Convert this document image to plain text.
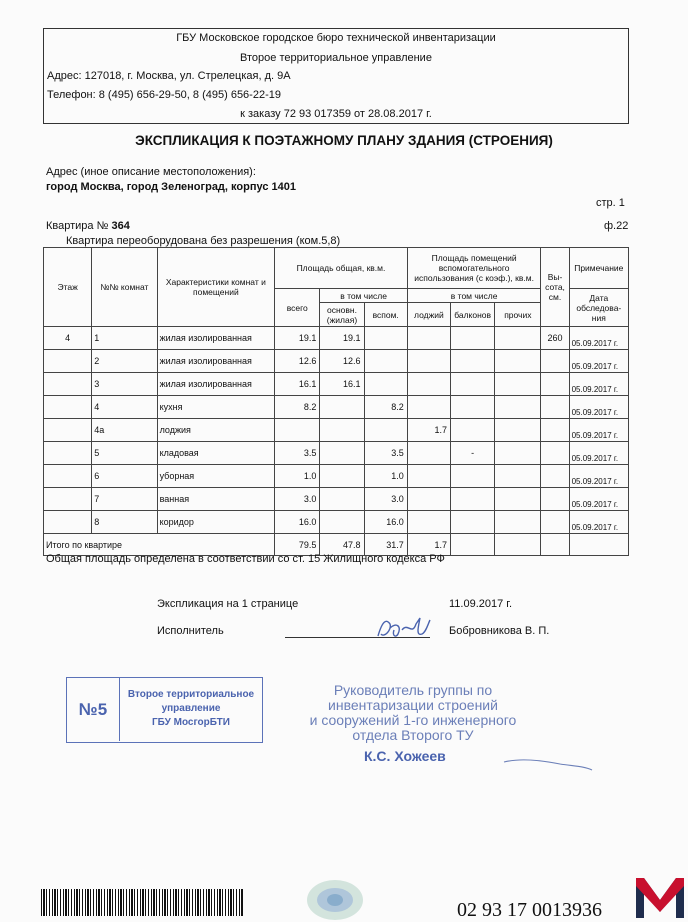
ГБУ Московское городское бюро технической инвентаризации
Второе территориальное управление
Адрес: 127018, г. Москва, ул. Стрелецкая, д. 9А
Телефон: 8 (495) 656-29-50, 8 (495) 656-22-19
к заказу 72 93 017359 от 28.08.2017 г.
ЭКСПЛИКАЦИЯ К ПОЭТАЖНОМУ ПЛАНУ ЗДАНИЯ (СТРОЕНИЯ)
Адрес (иное описание местоположения):
город Москва, город Зеленоград, корпус 1401
стр. 1
Квартира № 364	ф.22
Квартира переоборудована без разрешения (ком.5,8)
Этаж	№№ комнат	Характеристики комнат и помещений	Площадь общая, кв.м.			Площадь помещений вспомогательного использования (с коэф.), кв.м.			Вы-сота, см.	Примечание
			всего	в том числе		в том числе				Дата обследова-ния
				основн. (жилая)	вспом.	лоджий	балконов	прочих		
4	1	жилая изолированная	19.1	19.1					260	05.09.2017 г.
	2	жилая изолированная	12.6	12.6						05.09.2017 г.
	3	жилая изолированная	16.1	16.1						05.09.2017 г.
	4	кухня	8.2		8.2					05.09.2017 г.
	4а	лоджия				1.7				05.09.2017 г.
	5	кладовая	3.5		3.5		-			05.09.2017 г.
	6	уборная	1.0		1.0					05.09.2017 г.
	7	ванная	3.0		3.0					05.09.2017 г.
	8	коридор	16.0		16.0					05.09.2017 г.
Итого по квартире			79.5	47.8	31.7	1.7				
Общая площадь определена в соответствии со ст. 15 Жилищного кодекса РФ
Экспликация на 1 странице	11.09.2017 г.
Исполнитель	Бобровникова В. П.
№5
Второе территориальное
управление
ГБУ МосгорБТИ
Руководитель группы по
инвентаризации строений
и сооружений 1-го инженерного
отдела Второго ТУ
К.С. Хожеев
02 93 17 0013936
